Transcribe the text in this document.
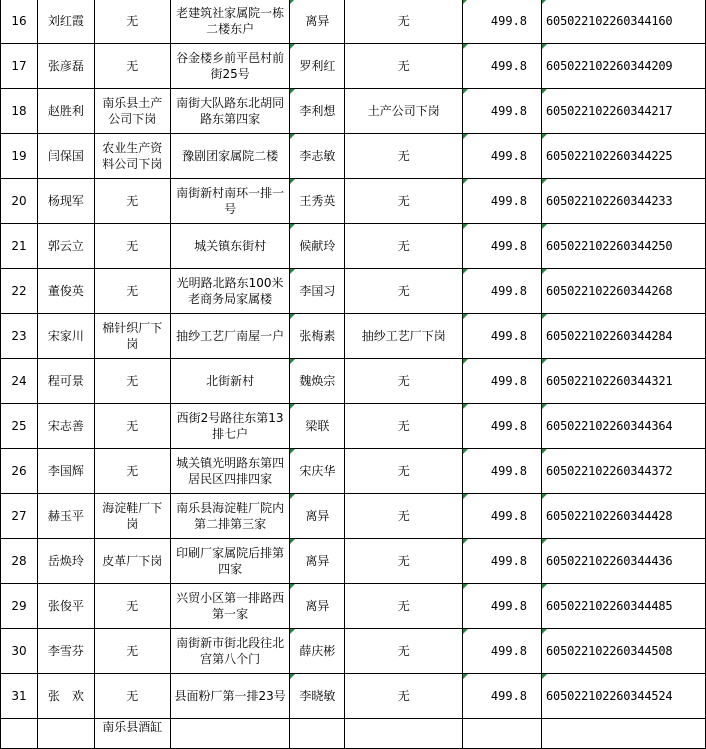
16	刘红霞	无	老建筑社家属院一栋二楼东户	离异	无	499.8	605022102260344160
17	张彦磊	无	谷金楼乡前平邑村前街25号	罗利红	无	499.8	605022102260344209
18	赵胜利	南乐县土产公司下岗	南街大队路东北胡同路东第四家	李利想	土产公司下岗	499.8	605022102260344217
19	闫保国	农业生产资料公司下岗	豫剧团家属院二楼	李志敏	无	499.8	605022102260344225
20	杨现军	无	南街新村南环一排一号	王秀英	无	499.8	605022102260344233
21	郭云立	无	城关镇东街村	候献玲	无	499.8	605022102260344250
22	董俊英	无	光明路北路东100米老商务局家属楼	李国习	无	499.8	605022102260344268
23	宋家川	棉针织厂下岗	抽纱工艺厂南屋一户	张梅素	抽纱工艺厂下岗	499.8	605022102260344284
24	程可景	无	北街新村	魏焕宗	无	499.8	605022102260344321
25	宋志善	无	西街2号路往东第13排七户	梁联	无	499.8	605022102260344364
26	李国辉	无	城关镇光明路东第四居民区四排四家	宋庆华	无	499.8	605022102260344372
27	赫玉平	海淀鞋厂下岗	南乐县海淀鞋厂院内第二排第三家	离异	无	499.8	605022102260344428
28	岳焕玲	皮革厂下岗	印刷厂家属院后排第四家	离异	无	499.8	605022102260344436
29	张俊平	无	兴贸小区第一排路西第一家	离异	无	499.8	605022102260344485
30	李雪芬	无	南街新市街北段往北宫第八个门	薛庆彬	无	499.8	605022102260344508
31	张　欢	无	县面粉厂第一排23号	李晓敏	无	499.8	605022102260344524
		南乐县酒缸					
